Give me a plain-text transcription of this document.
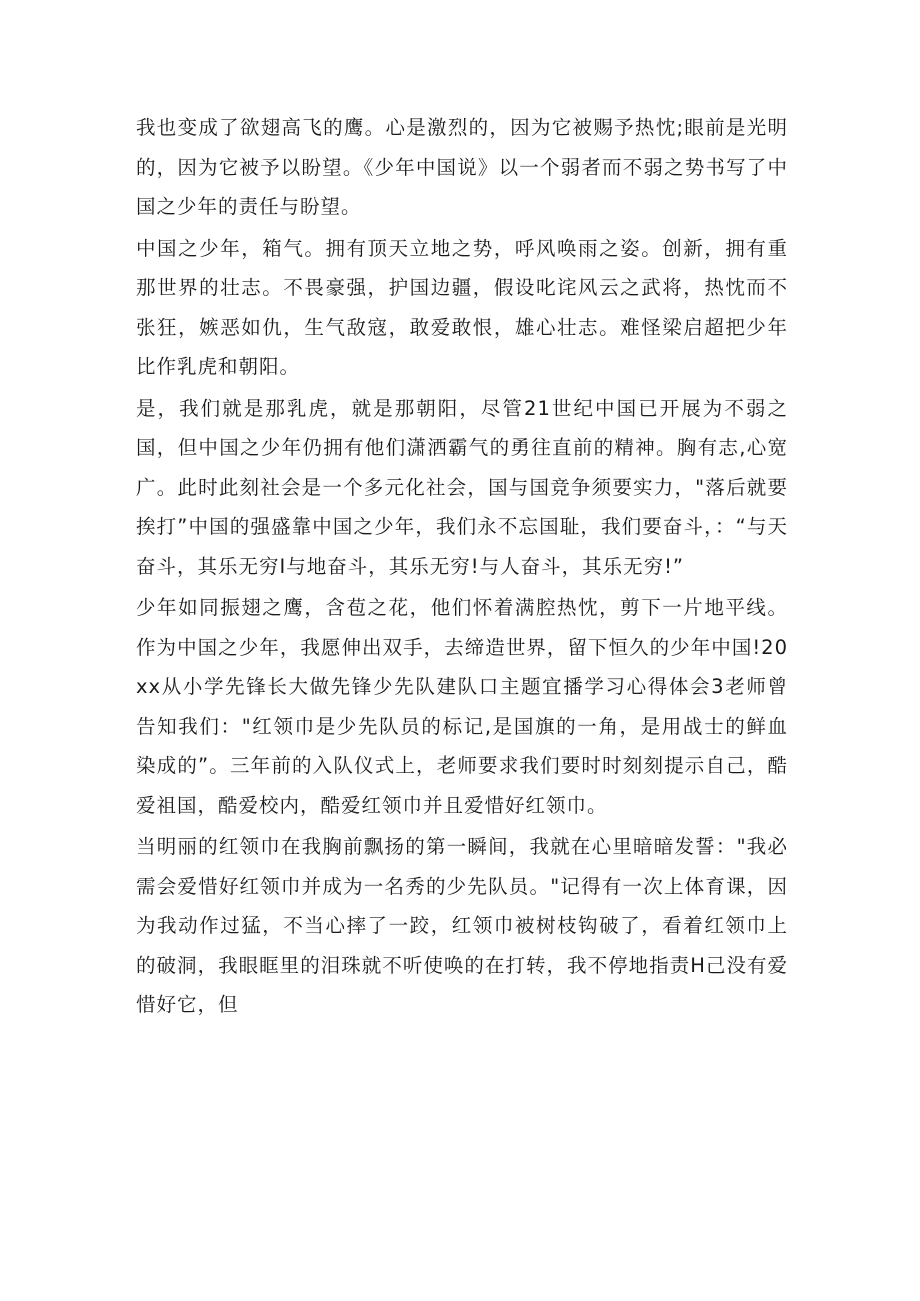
我也变成了欲翅高飞的鹰。心是激烈的，因为它被赐予热忱;眼前是光明的，因为它被予以盼望。《少年中国说》以一个弱者而不弱之势书写了中国之少年的责任与盼望。

中国之少年，箱气。拥有顶天立地之势，呼风唤雨之姿。创新，拥有重那世界的壮志。不畏豪强，护国边疆，假设叱诧风云之武将，热忱而不张狂，嫉恶如仇，生气敌寇，敢爱敢恨，雄心壮志。难怪梁启超把少年比作乳虎和朝阳。

是，我们就是那乳虎，就是那朝阳，尽管21世纪中国已开展为不弱之国，但中国之少年仍拥有他们潇洒霸气的勇往直前的精神。胸有志,心宽广。此时此刻社会是一个多元化社会，国与国竞争须要实力，"落后就要挨打”中国的强盛靠中国之少年，我们永不忘国耻，我们要奋斗，：“与天奋斗，其乐无穷I与地奋斗，其乐无穷!与人奋斗，其乐无穷!”

少年如同振翅之鹰，含苞之花，他们怀着满腔热忱，剪下一片地平线。作为中国之少年，我愿伸出双手，去缔造世界，留下恒久的少年中国!20xx从小学先锋长大做先锋少先队建队口主题宜播学习心得体会3老师曾告知我们："红领巾是少先队员的标记,是国旗的一角，是用战士的鲜血染成的”。三年前的入队仪式上，老师要求我们要时时刻刻提示自己，酷爱祖国，酷爱校内，酷爱红领巾并且爱惜好红领巾。

当明丽的红领巾在我胸前飘扬的第一瞬间，我就在心里暗暗发誓："我必需会爱惜好红领巾并成为一名秀的少先队员。"记得有一次上体育课，因为我动作过猛，不当心摔了一跤，红领巾被树枝钩破了，看着红领巾上的破洞，我眼眶里的泪珠就不听使唤的在打转，我不停地指责H己没有爱惜好它，但
